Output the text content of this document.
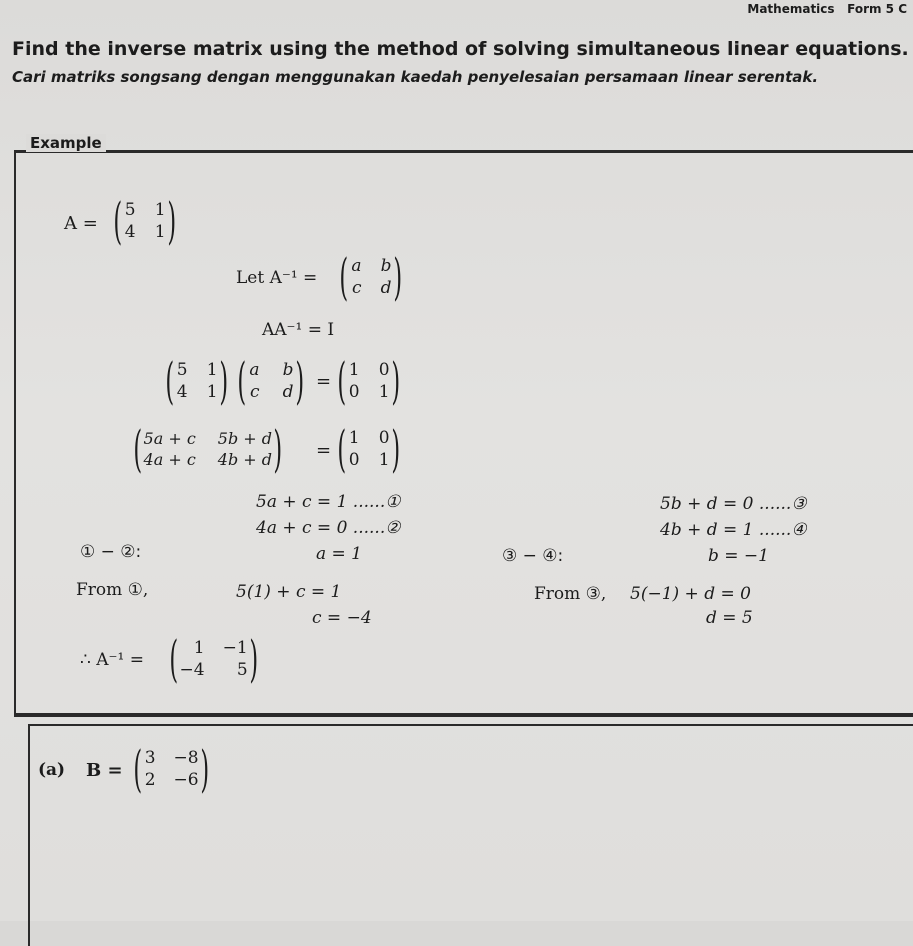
Mathematics Form 5 C
Find the inverse matrix using the method of solving simultaneous linear equations.
Cari matriks songsang dengan menggunakan kaedah penyelesaian persamaan linear serentak.
Example
A = ( 5 1
4 1 )
Let A⁻¹ = ( a b
c d )
AA⁻¹ = I
( 5 1
4 1 ) ( a b
c d ) = ( 1 0
0 1 )
( 5a + c 5b + d
4a + c 4b + d ) = ( 1 0
0 1 )
5a + c = 1 ......①
4a + c = 0 ......②
5b + d = 0 ......③
4b + d = 1 ......④
① − ②:	a = 1	③ − ④:	b = −1
From ①,	5(1) + c = 1
c = −4
From ③, 5(−1) + d = 0
d = 5
∴ A⁻¹ = ( 1 −1
−4	5 )
(a) B = ( 3 −8
2 −6 )
